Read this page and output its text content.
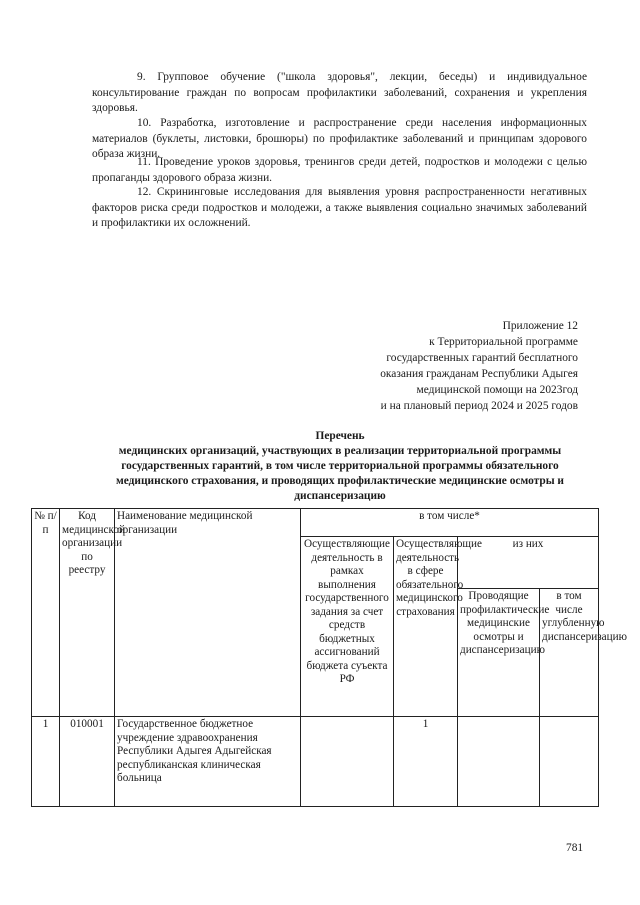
9. Групповое обучение ("школа здоровья", лекции, беседы) и индивидуальное консультирование граждан по вопросам профилактики заболеваний, сохранения и укрепления здоровья.

10. Разработка, изготовление и распространение среди населения информационных материалов (буклеты, листовки, брошюры) по профилактике заболеваний и принципам здорового образа жизни.

11. Проведение уроков здоровья, тренингов среди детей, подростков и молодежи с целью пропаганды здорового образа жизни.

12. Скрининговые исследования для выявления уровня распространенности негативных факторов риска среди подростков и молодежи, а также выявления социально значимых заболеваний и профилактики их осложнений.

Приложение 12
к Территориальной программе
государственных гарантий бесплатного
оказания гражданам Республики Адыгея
медицинской помощи на 2023год
и на плановый период 2024 и 2025 годов
Перечень
медицинских организаций, участвующих в реализации территориальной программы государственных гарантий, в том числе территориальной программы обязательного медицинского страхования, и проводящих профилактические медицинские осмотры и диспансеризацию
№ п/п	Код медицинской организации по реестру	Наименование медицинской организации	в том числе*			
			Осуществляющие деятельность в рамках выполнения государственного задания за счет средств бюджетных ассигнований бюджета суъекта РФ	Осуществляющие деятельность в сфере обязательного медицинского страхования	из них	
					Проводящие профилактические медицинские осмотры и диспансеризацию	в том числе углубленную диспансеризацию
1	010001	Государственное бюджетное учреждение здравоохранения Республики Адыгея Адыгейская республиканская клиническая больница		1		
781
